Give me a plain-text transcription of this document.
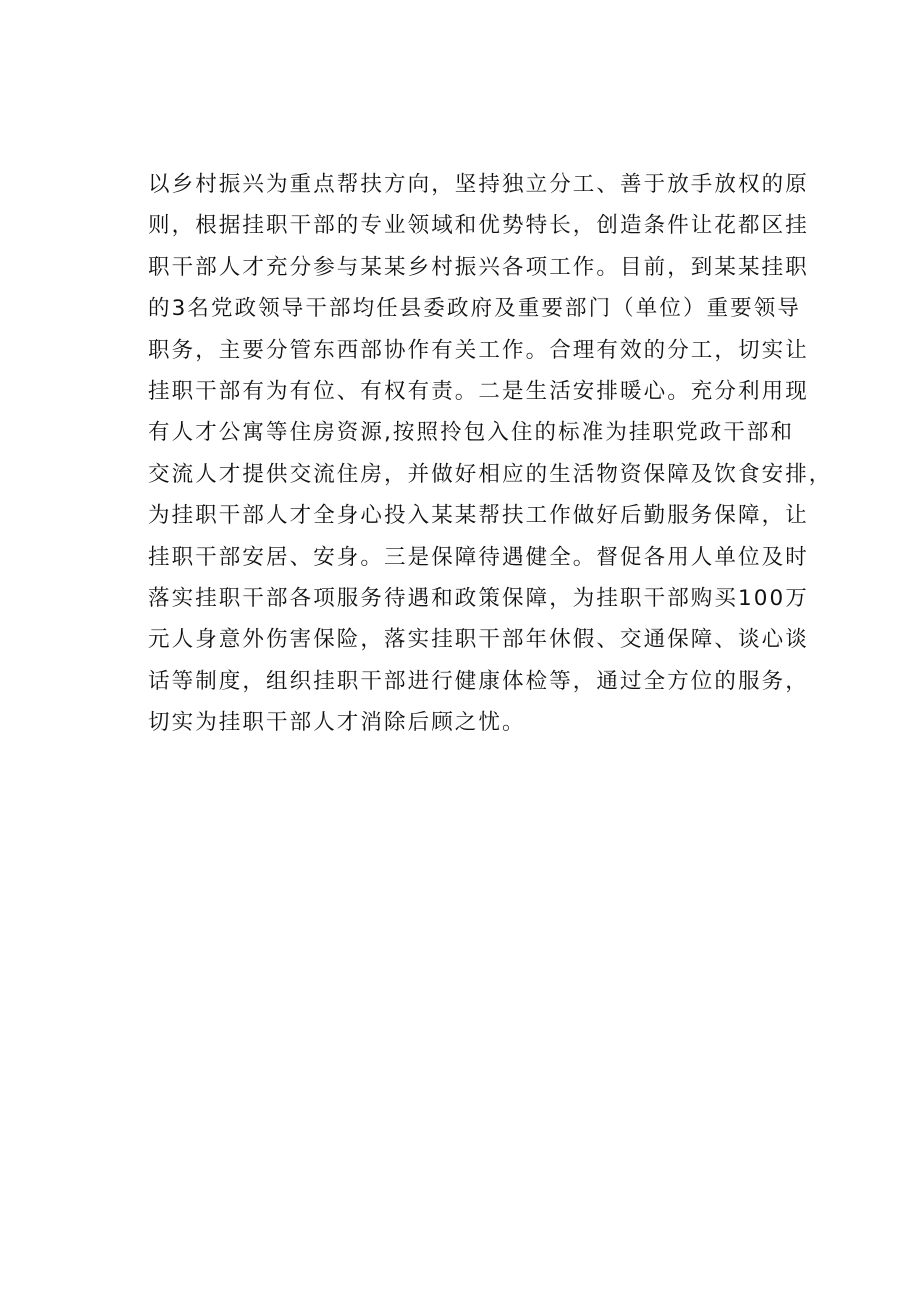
以乡村振兴为重点帮扶方向，坚持独立分工、善于放手放权的原
则，根据挂职干部的专业领域和优势特长，创造条件让花都区挂
职干部人才充分参与某某乡村振兴各项工作。目前，到某某挂职
的3名党政领导干部均任县委政府及重要部门（单位）重要领导
职务，主要分管东西部协作有关工作。合理有效的分工，切实让
挂职干部有为有位、有权有责。二是生活安排暖心。充分利用现
有人才公寓等住房资源,按照拎包入住的标准为挂职党政干部和
交流人才提供交流住房，并做好相应的生活物资保障及饮食安排，
为挂职干部人才全身心投入某某帮扶工作做好后勤服务保障，让
挂职干部安居、安身。三是保障待遇健全。督促各用人单位及时
落实挂职干部各项服务待遇和政策保障，为挂职干部购买100万
元人身意外伤害保险，落实挂职干部年休假、交通保障、谈心谈
话等制度，组织挂职干部进行健康体检等，通过全方位的服务，
切实为挂职干部人才消除后顾之忧。
